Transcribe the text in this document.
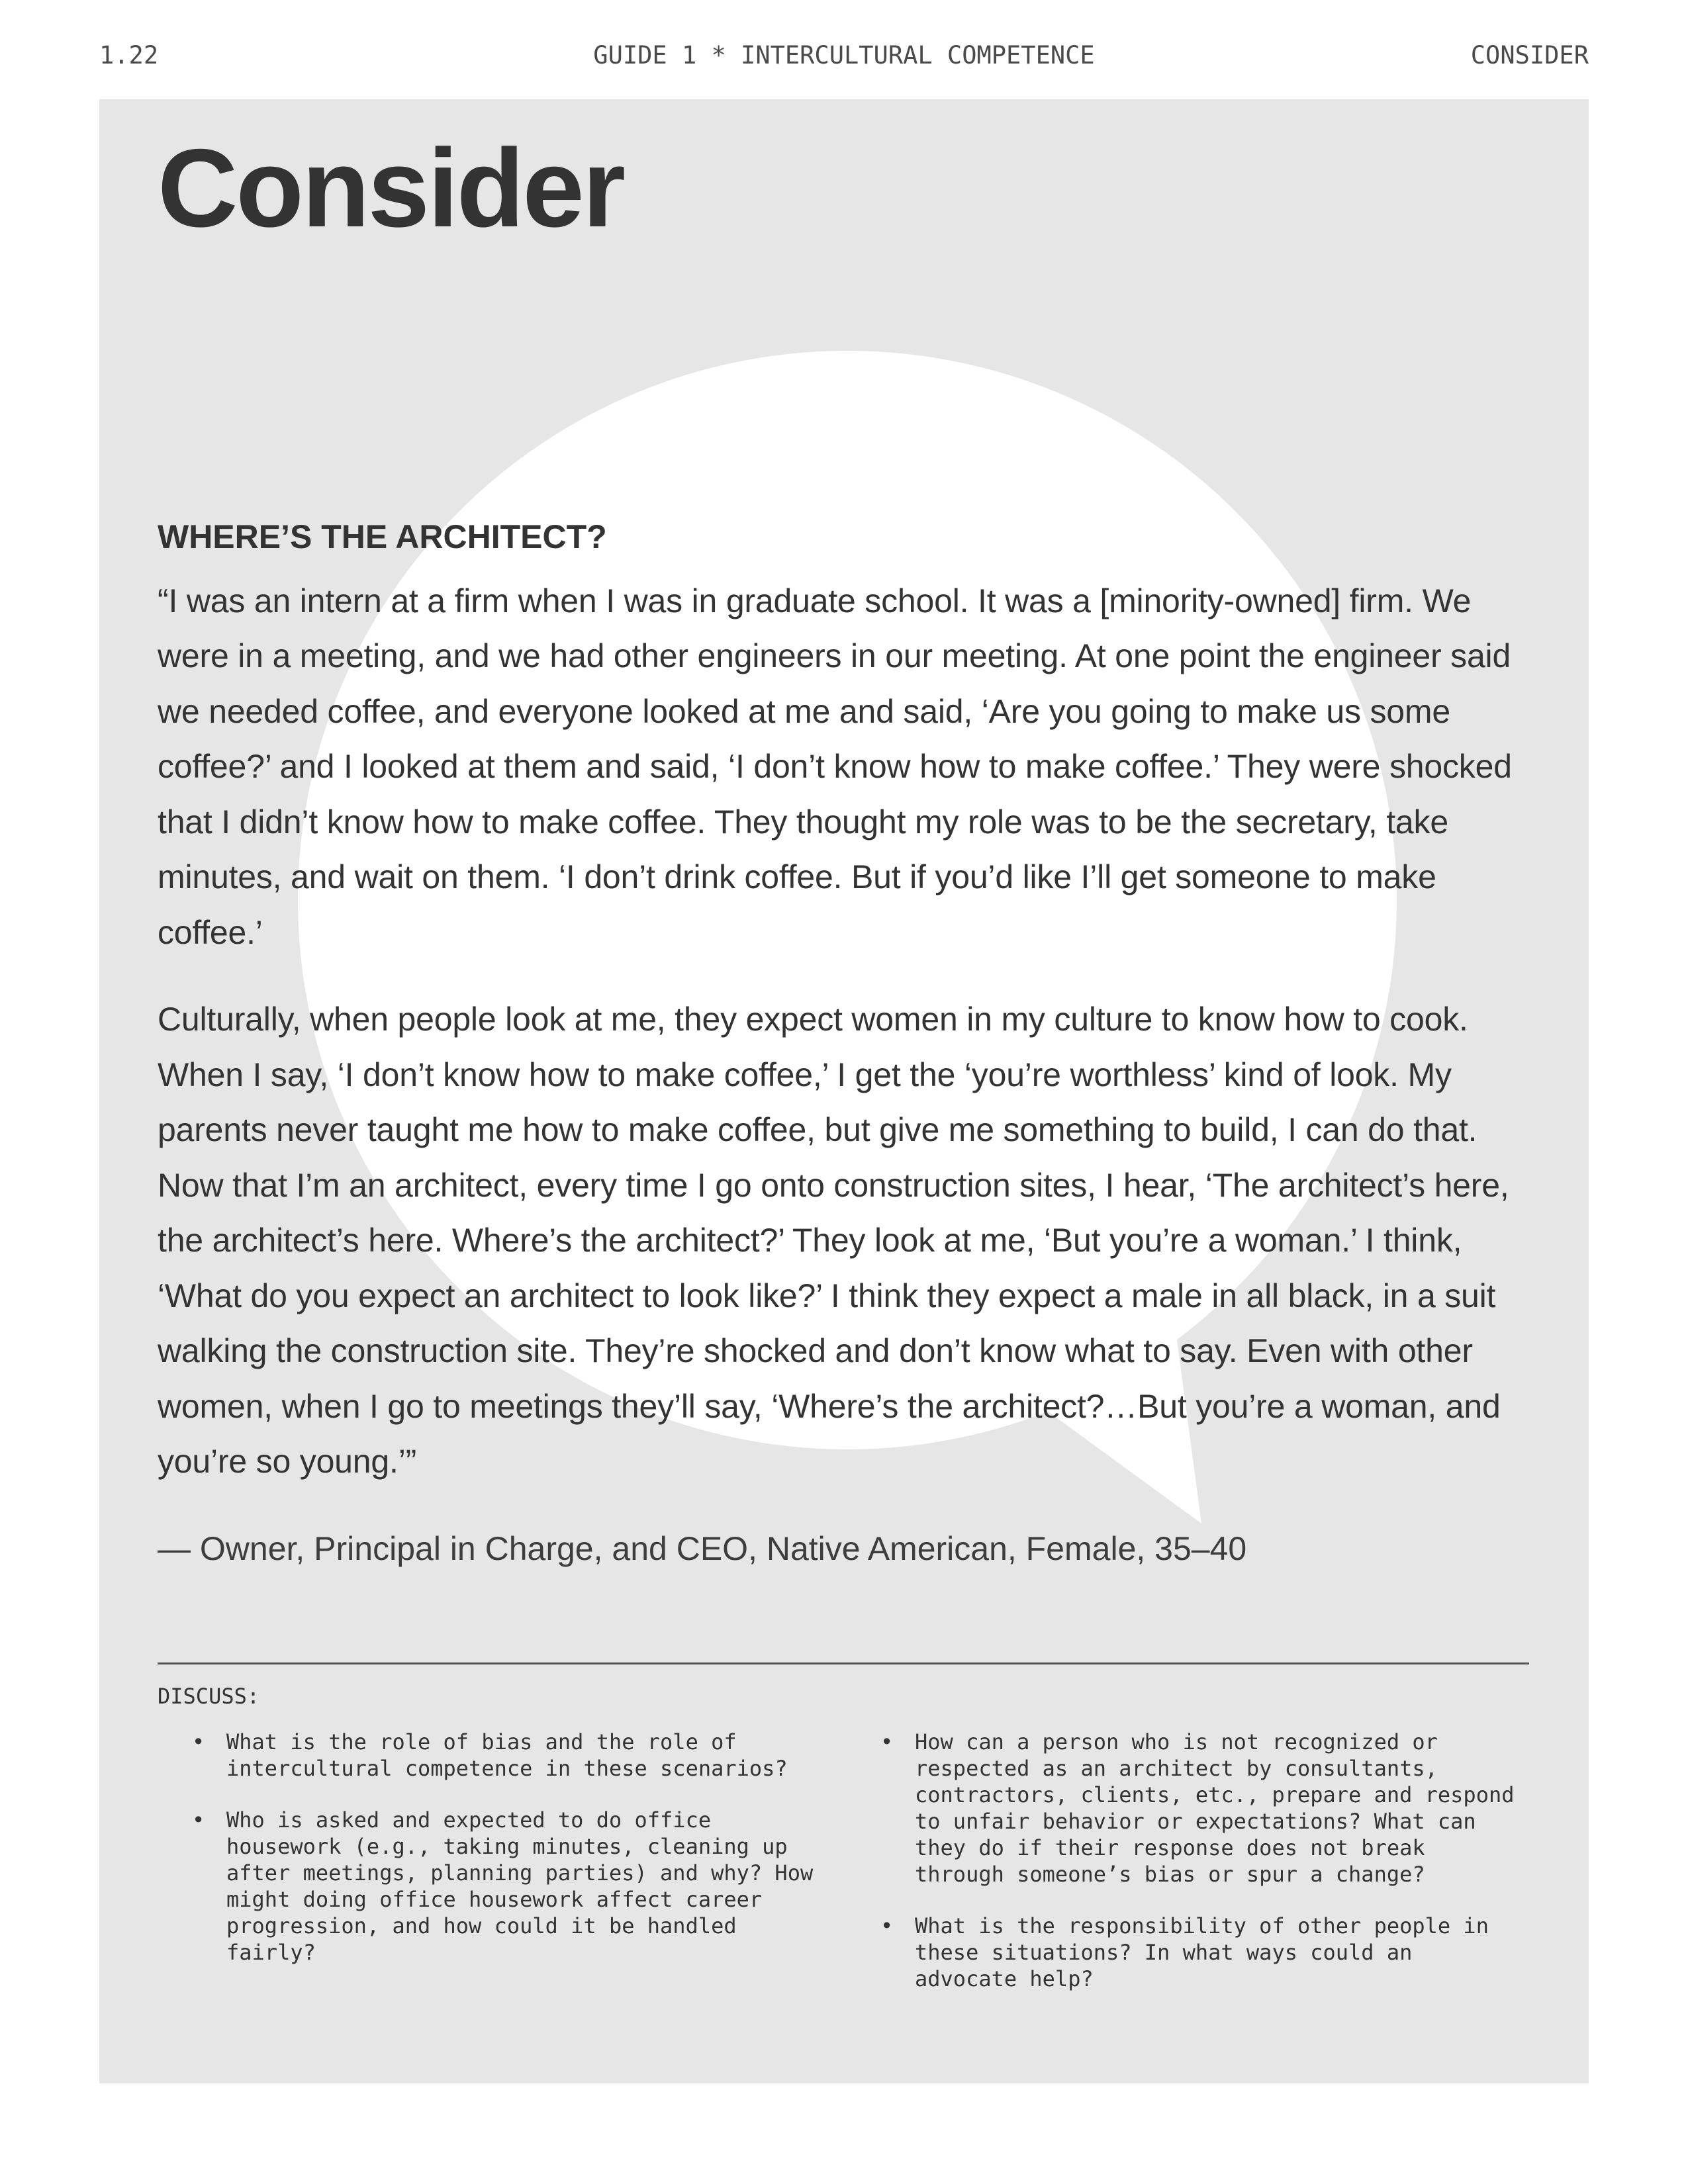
1.22	GUIDE 1 * INTERCULTURAL COMPETENCE	CONSIDER
Consider
WHERE’S THE ARCHITECT?

“I was an intern at a firm when I was in graduate school. It was a [minority-owned] firm. We were in a meeting, and we had other engineers in our meeting. At one point the engineer said we needed coffee, and everyone looked at me and said, ‘Are you going to make us some coffee?’ and I looked at them and said, ‘I don’t know how to make coffee.’ They were shocked that I didn’t know how to make coffee. They thought my role was to be the secretary, take minutes, and wait on them. ‘I don’t drink coffee. But if you’d like I’ll get someone to make coffee.’

Culturally, when people look at me, they expect women in my culture to know how to cook. When I say, ‘I don’t know how to make coffee,’ I get the ‘you’re worthless’ kind of look. My parents never taught me how to make coffee, but give me something to build, I can do that. Now that I’m an architect, every time I go onto construction sites, I hear, ‘The architect’s here, the architect’s here. Where’s the architect?’ They look at me, ‘But you’re a woman.’ I think, ‘What do you expect an architect to look like?’ I think they expect a male in all black, in a suit walking the construction site. They’re shocked and don’t know what to say. Even with other women, when I go to meetings they’ll say, ‘Where’s the architect?…But you’re a woman, and you’re so young.’”

— Owner, Principal in Charge, and CEO, Native American, Female, 35–40

DISCUSS:
• What is the role of bias and the role of intercultural competence in these scenarios?
• Who is asked and expected to do office housework (e.g., taking minutes, cleaning up after meetings, planning parties) and why? How might doing office housework affect career progression, and how could it be handled fairly?
• How can a person who is not recognized or respected as an architect by consultants, contractors, clients, etc., prepare and respond to unfair behavior or expectations? What can they do if their response does not break through someone’s bias or spur a change?
• What is the responsibility of other people in these situations? In what ways could an advocate help?
